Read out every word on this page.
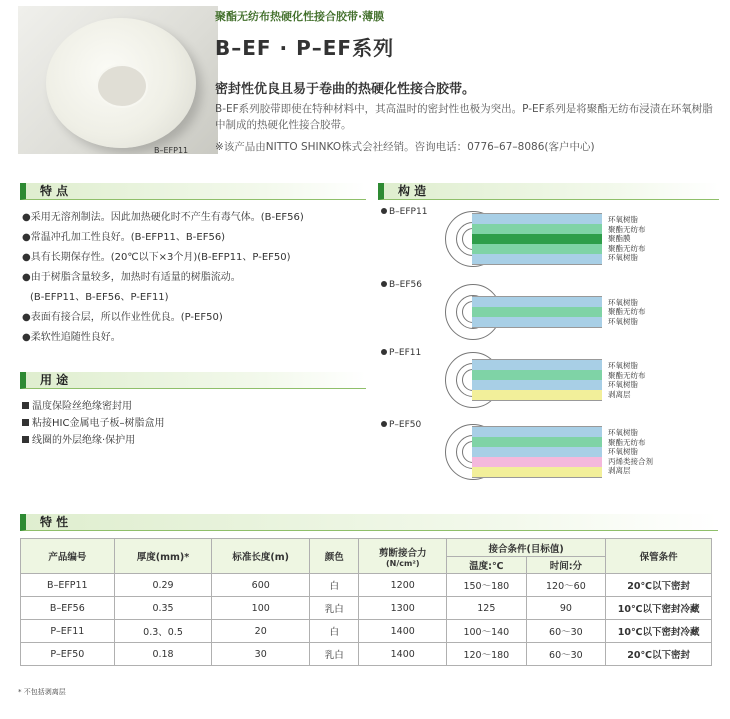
B–EFP11
聚酯无纺布热硬化性接合胶带·薄膜
B–EF · P–EF系列
密封性优良且易于卷曲的热硬化性接合胶带。
B-EF系列胶带即使在特种材料中，其高温时的密封性也极为突出。P-EF系列是将聚酯无纺布浸渍在环氧树脂中制成的热硬化性接合胶带。
※该产品由NITTO SHINKO株式会社经销。咨询电话：0776–67–8086(客户中心)
特 点
●采用无溶剂制法。因此加热硬化时不产生有毒气体。(B-EF56)
●常温冲孔加工性良好。(B-EFP11、B-EF56)
●具有长期保存性。(20℃以下×3个月)(B-EFP11、P-EF50)
●由于树脂含量较多，加热时有适量的树脂流动。
(B-EFP11、B-EF56、P-EF11)
●表面有接合层，所以作业性优良。(P-EF50)
●柔软性追随性良好。
用 途
温度保险丝绝缘密封用
粘接HIC金属电子板–树脂盒用
线圈的外层绝缘·保护用
构 造
B–EFP11
环氧树脂
聚酯无纺布
聚酯膜
聚酯无纺布
环氧树脂
B–EF56
环氧树脂
聚酯无纺布
环氧树脂
P–EF11
环氧树脂
聚酯无纺布
环氧树脂
剥离层
P–EF50
环氧树脂
聚酯无纺布
环氧树脂
丙烯类接合剂
剥离层
特 性
产品编号	厚度(mm)*	标准长度(m)	颜色	剪断接合力
(N/cm²)	接合条件(目标值)		保管条件
					温度:℃	时间:分	
B–EFP11	0.29	600	白	1200	150～180	120～60	20℃以下密封
B–EF56	0.35	100	乳白	1300	125	90	10℃以下密封冷藏
P–EF11	0.3、0.5	20	白	1400	100～140	60～30	10℃以下密封冷藏
P–EF50	0.18	30	乳白	1400	120～180	60～30	20℃以下密封
* 不包括剥离层
